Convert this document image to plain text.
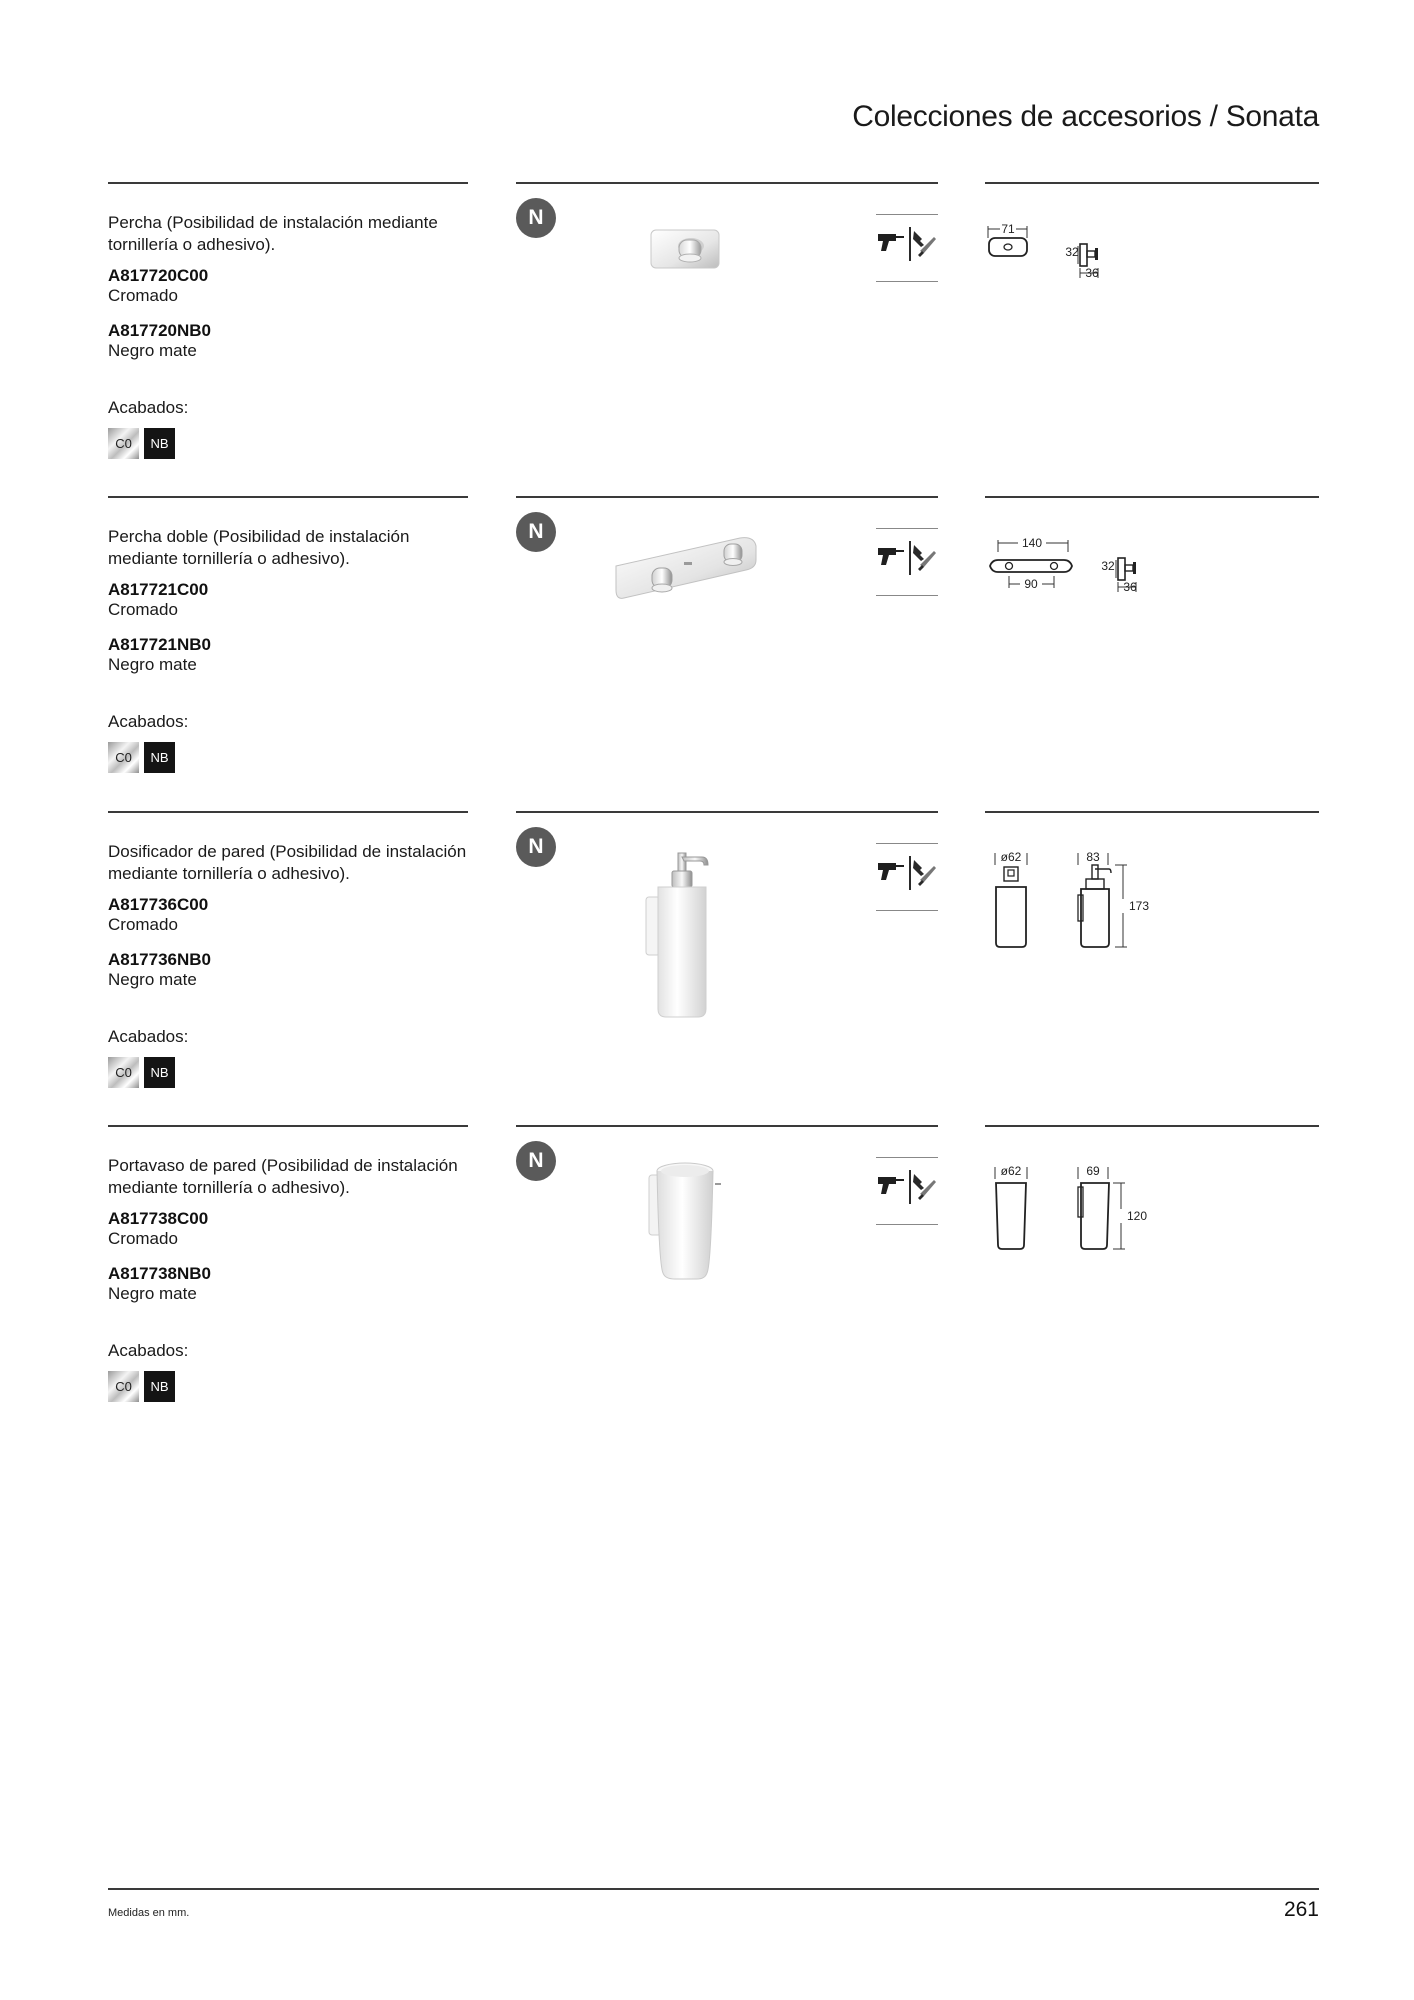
Colecciones de accesorios / Sonata
Percha (Posibilidad de instalación mediante tornillería o adhesivo).
A817720C00
Cromado
A817720NB0
Negro mate
Acabados:
C0	NB
N	71
32
36
Percha doble (Posibilidad de instalación mediante tornillería o adhesivo).
A817721C00
Cromado
A817721NB0
Negro mate
Acabados:
C0	NB
N	140
90
32
36
Dosificador de pared (Posibilidad de instalación mediante tornillería o adhesivo).
A817736C00
Cromado
A817736NB0
Negro mate
Acabados:
C0	NB
N	ø62	83
173
Portavaso de pared (Posibilidad de instalación mediante tornillería o adhesivo).
A817738C00
Cromado
A817738NB0
Negro mate
Acabados:
C0	NB
N	ø62	69
120
Medidas en mm.	261
